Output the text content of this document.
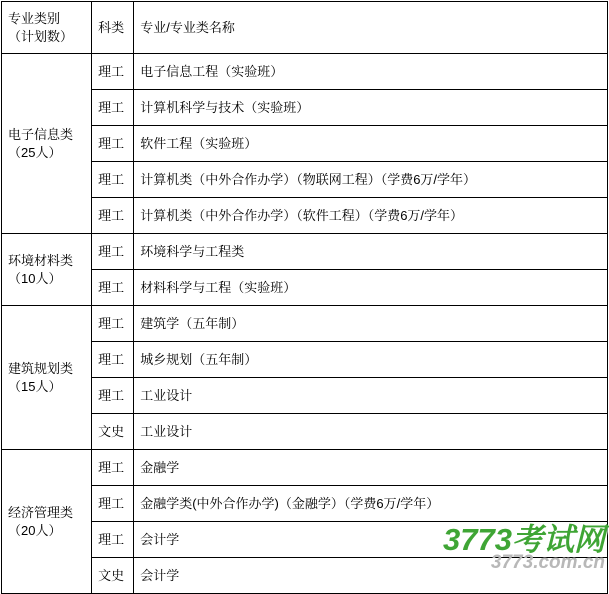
专业类别
（计划数）	科类	专业/专业类名称

电子信息类
（25人）	理工	电子信息工程（实验班）
	理工	计算机科学与技术（实验班）
	理工	软件工程（实验班）
	理工	计算机类（中外合作办学）（物联网工程）（学费6万/学年）
	理工	计算机类（中外合作办学）（软件工程）（学费6万/学年）

环境材料类
（10人）	理工	环境科学与工程类
	理工	材料科学与工程（实验班）

建筑规划类
（15人）	理工	建筑学（五年制）
	理工	城乡规划（五年制）
	理工	工业设计
	文史	工业设计

经济管理类
（20人）	理工	金融学
	理工	金融学类(中外合作办学)（金融学）（学费6万/学年）
	理工	会计学
	文史	会计学
3773考试网
3773.com.cn
